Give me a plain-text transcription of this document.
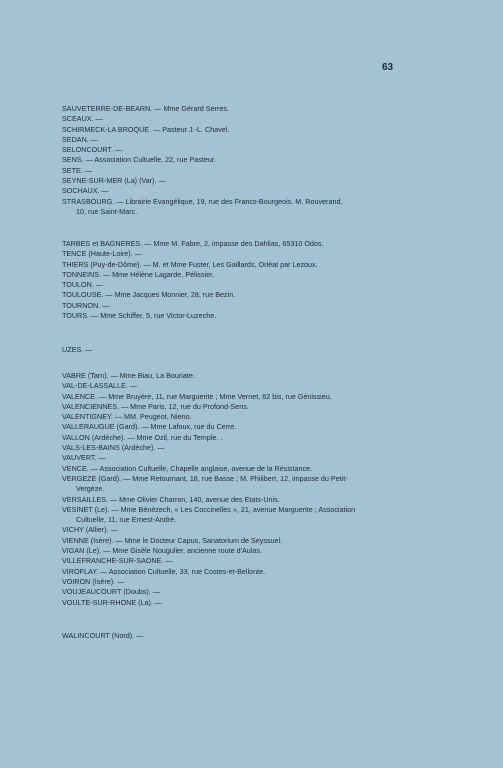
63
SAUVETERRE-DE-BEARN. — Mme Gérard Serres.
SCEAUX. —
SCHIRMECK-LA BROQUE. — Pasteur J.-L. Chavel.
SEDAN. —
SELONCOURT. —
SENS. — Association Cultuelle, 22, rue Pasteur.
SETE. —
SEYNE-SUR-MER (La) (Var). —
SOCHAUX. —
STRASBOURG. — Librairie Evangélique, 19, rue des Francs-Bourgeois. M. Rouverand,
10, rue Saint-Marc.
TARBES et BAGNERES. — Mme M. Fabre, 2, impasse des Dahlias, 65310 Odos.
TENCE (Haute-Loire). —
THIERS (Puy-de-Dôme). — M. et Mme Fuster, Les Gaillards, Orléat par Lezoux.
TONNEINS. — Mme Hélène Lagarde, Pélissier.
TOULON. —
TOULOUSE. — Mme Jacques Monnier, 28, rue Bezin.
TOURNON. —
TOURS. — Mme Schiffer, 5, rue Victor-Luzeche.
UZES. —
VABRE (Tarn). — Mme Biau, La Bouriate.
VAL-DE-LASSALLE. —
VALENCE. — Mme Bruyère, 11, rue Marguerite ; Mme Vernet, 62 bis, rue Génissieu.
VALENCIENNES. — Mme Paris, 12, rue du Profond-Sens.
VALENTIGNEY. — MM. Peugeot, Nieno.
VALLERAUGUE (Gard). — Mme Lafoux, rue du Cerre.
VALLON (Ardèche). — Mme Ozil, rue du Temple. .
VALS-LES-BAINS (Ardèche). —
VAUVERT. —
VENCE. — Association Cultuelle, Chapelle anglaise, avenue de la Résistance.
VERGEZE (Gard). — Mme Retournant, 18, rue Basse ; M. Philibert, 12, impasse du Petit-
Vergèze.
VERSAILLES. — Mme Olivier Charron, 140, avenue des Etats-Unis.
VESINET (Le). — Mme Bénézech, « Les Coccinelles », 21, avenue Marguerite ; Association
Cultuelle, 11, rue Ernest-André.
VICHY (Allier). —
VIENNE (Isère). — Mme le Docteur Capus, Sanatorium de Seyssuel.
VIGAN (Le). — Mme Gisèle Nougulier, ancienne route d'Aulas.
VILLEFRANCHE-SUR-SAONE. —
VIROFLAY. — Association Cultuelle, 33, rue Costes-et-Bellonte.
VOIRON (Isère). —
VOUJEAUCOURT (Doubs). —
VOULTE-SUR-RHONE (La). —
WALINCOURT (Nord). —
